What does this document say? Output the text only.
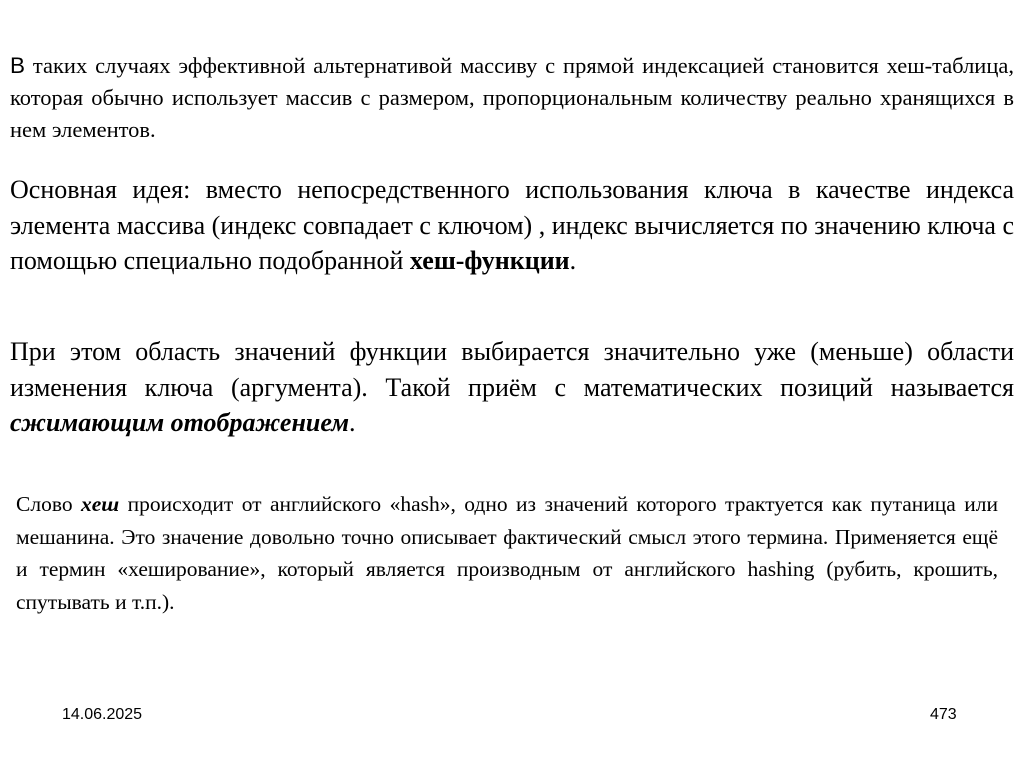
В таких случаях эффективной альтернативой массиву с прямой индексацией становится хеш-таблица, которая обычно использует массив с размером, пропорциональным количеству реально хранящихся в нем элементов.

Основная идея: вместо непосредственного использования ключа в качестве индекса элемента массива (индекс совпадает с ключом) , индекс вычисляется по значению ключа с помощью специально подобранной хеш-функции.

При этом область значений функции выбирается значительно уже (меньше) области изменения ключа (аргумента). Такой приём с математических позиций называется сжимающим отображением.

Слово хеш происходит от английского «hash», одно из значений которого трактуется как путаница или мешанина. Это значение довольно точно описывает фактический смысл этого термина. Применяется ещё и термин «хеширование», который является производным от английского hashing (рубить, крошить, спутывать и т.п.).

14.06.2025	473
